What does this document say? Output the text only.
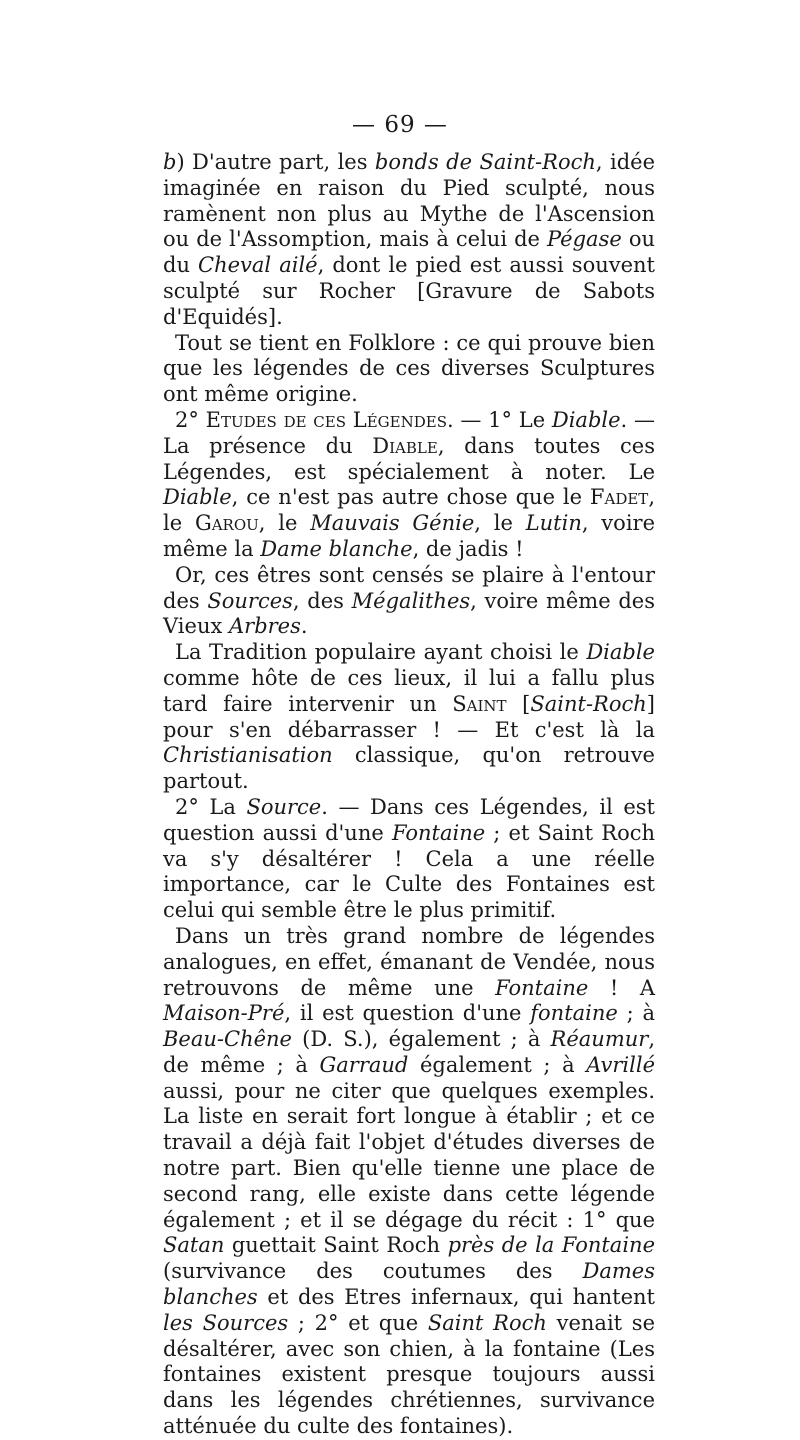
— 69 —

b) D'autre part, les bonds de Saint-Roch, idée imaginée en raison du Pied sculpté, nous ramènent non plus au Mythe de l'Ascension ou de l'Assomption, mais à celui de Pégase ou du Cheval ailé, dont le pied est aussi souvent sculpté sur Rocher [Gravure de Sabots d'Equidés].

Tout se tient en Folklore : ce qui prouve bien que les légendes de ces diverses Sculptures ont même origine.

2° Etudes de ces Légendes. — 1° Le Diable. — La présence du Diable, dans toutes ces Légendes, est spécialement à noter. Le Diable, ce n'est pas autre chose que le Fadet, le Garou, le Mauvais Génie, le Lutin, voire même la Dame blanche, de jadis !

Or, ces êtres sont censés se plaire à l'entour des Sources, des Mégalithes, voire même des Vieux Arbres.

La Tradition populaire ayant choisi le Diable comme hôte de ces lieux, il lui a fallu plus tard faire intervenir un Saint [Saint-Roch] pour s'en débarrasser ! — Et c'est là la Christianisation classique, qu'on retrouve partout.

2° La Source. — Dans ces Légendes, il est question aussi d'une Fontaine ; et Saint Roch va s'y désaltérer ! Cela a une réelle importance, car le Culte des Fontaines est celui qui semble être le plus primitif.

Dans un très grand nombre de légendes analogues, en effet, émanant de Vendée, nous retrouvons de même une Fontaine ! A Maison-Pré, il est question d'une fontaine ; à Beau-Chêne (D. S.), également ; à Réaumur, de même ; à Garraud également ; à Avrillé aussi, pour ne citer que quelques exemples. La liste en serait fort longue à établir ; et ce travail a déjà fait l'objet d'études diverses de notre part. Bien qu'elle tienne une place de second rang, elle existe dans cette légende également ; et il se dégage du récit : 1° que Satan guettait Saint Roch près de la Fontaine (survivance des coutumes des Dames blanches et des Etres infernaux, qui hantent les Sources ; 2° et que Saint Roch venait se désaltérer, avec son chien, à la fontaine (Les fontaines existent presque toujours aussi dans les légendes chrétiennes, survivance atténuée du culte des fontaines).
